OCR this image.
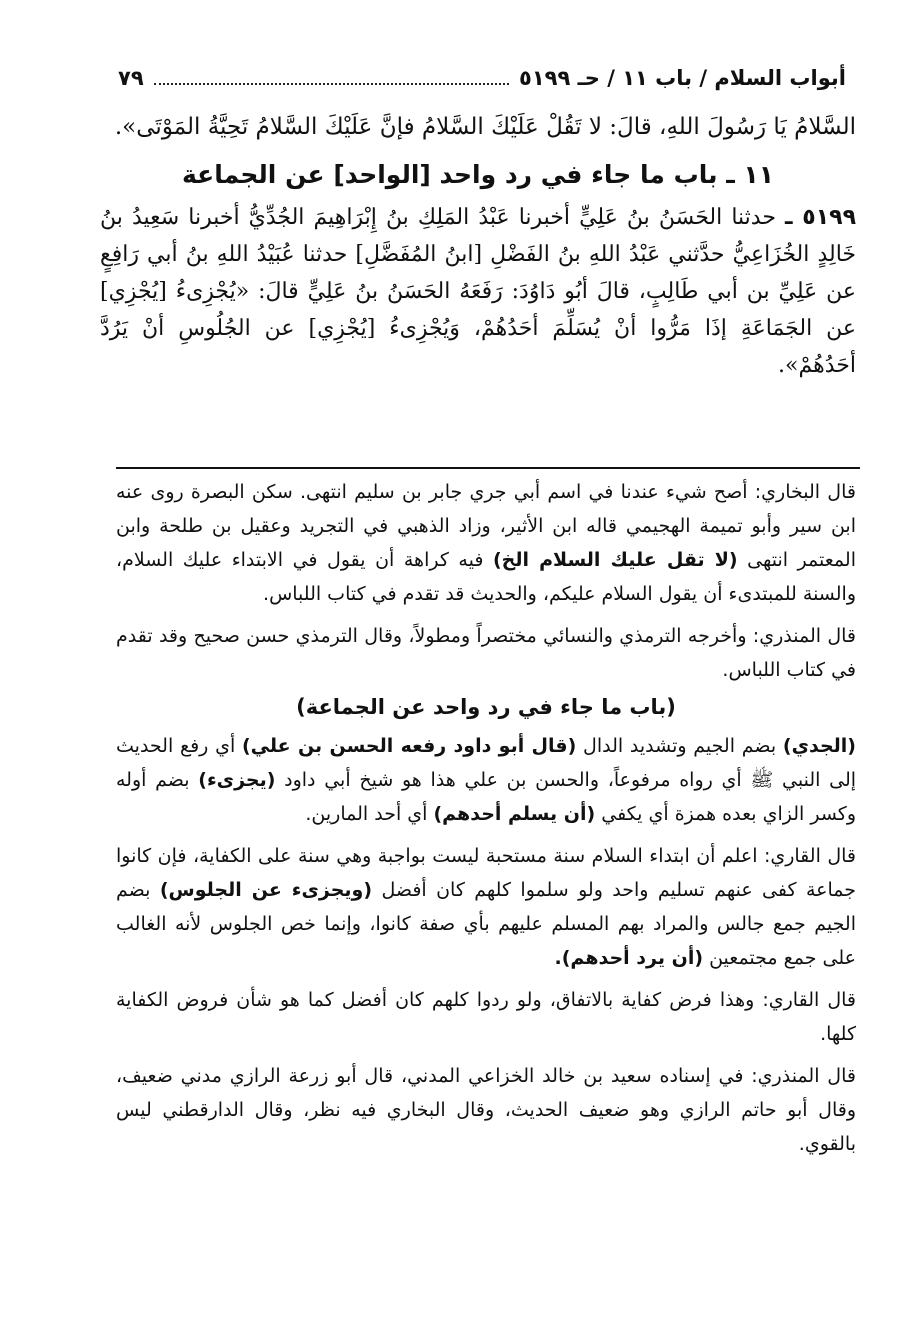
٧٩	أبواب السلام / باب ١١ / حـ ٥١٩٩

السَّلامُ يَا رَسُولَ اللهِ، قالَ: لا تَقُلْ عَلَيْكَ السَّلامُ فإنَّ عَلَيْكَ السَّلامُ تَحِيَّةُ المَوْتَى».

١١ ـ باب ما جاء في رد واحد [الواحد] عن الجماعة

٥١٩٩ ـ حدثنا الحَسَنُ بنُ عَلِيٍّ أخبرنا عَبْدُ المَلِكِ بنُ إِبْرَاهِيمَ الجُدِّيُّ أخبرنا سَعِيدُ بنُ خَالِدٍ الخُزَاعِيُّ حدَّثني عَبْدُ اللهِ بنُ الفَضْلِ [ابنُ المُفَضَّلِ] حدثنا عُبَيْدُ اللهِ بنُ أبي رَافِعٍ عن عَلِيِّ بن أبي طَالِبٍ، قالَ أبُو دَاوُدَ: رَفَعَهُ الحَسَنُ بنُ عَلِيٍّ قالَ: «يُجْزِىءُ [يُجْزِي] عن الجَمَاعَةِ إذَا مَرُّوا أنْ يُسَلِّمَ أحَدُهُمْ، وَيُجْزِىءُ [يُجْزِي] عن الجُلُوسِ أنْ يَرُدَّ أحَدُهُمْ».

قال البخاري: أصح شيء عندنا في اسم أبي جري جابر بن سليم انتهى. سكن البصرة روى عنه ابن سير وأبو تميمة الهجيمي قاله ابن الأثير، وزاد الذهبي في التجريد وعقيل بن طلحة وابن المعتمر انتهى (لا تقل عليك السلام الخ) فيه كراهة أن يقول في الابتداء عليك السلام، والسنة للمبتدىء أن يقول السلام عليكم، والحديث قد تقدم في كتاب اللباس.

قال المنذري: وأخرجه الترمذي والنسائي مختصراً ومطولاً، وقال الترمذي حسن صحيح وقد تقدم في كتاب اللباس.

(باب ما جاء في رد واحد عن الجماعة)

(الجدي) بضم الجيم وتشديد الدال (قال أبو داود رفعه الحسن بن علي) أي رفع الحديث إلى النبي ﷺ أي رواه مرفوعاً، والحسن بن علي هذا هو شيخ أبي داود (يجزىء) بضم أوله وكسر الزاي بعده همزة أي يكفي (أن يسلم أحدهم) أي أحد المارين.

قال القاري: اعلم أن ابتداء السلام سنة مستحبة ليست بواجبة وهي سنة على الكفاية، فإن كانوا جماعة كفى عنهم تسليم واحد ولو سلموا كلهم كان أفضل (ويجزىء عن الجلوس) بضم الجيم جمع جالس والمراد بهم المسلم عليهم بأي صفة كانوا، وإنما خص الجلوس لأنه الغالب على جمع مجتمعين (أن يرد أحدهم).

قال القاري: وهذا فرض كفاية بالاتفاق، ولو ردوا كلهم كان أفضل كما هو شأن فروض الكفاية كلها.

قال المنذري: في إسناده سعيد بن خالد الخزاعي المدني، قال أبو زرعة الرازي مدني ضعيف، وقال أبو حاتم الرازي وهو ضعيف الحديث، وقال البخاري فيه نظر، وقال الدارقطني ليس بالقوي.
